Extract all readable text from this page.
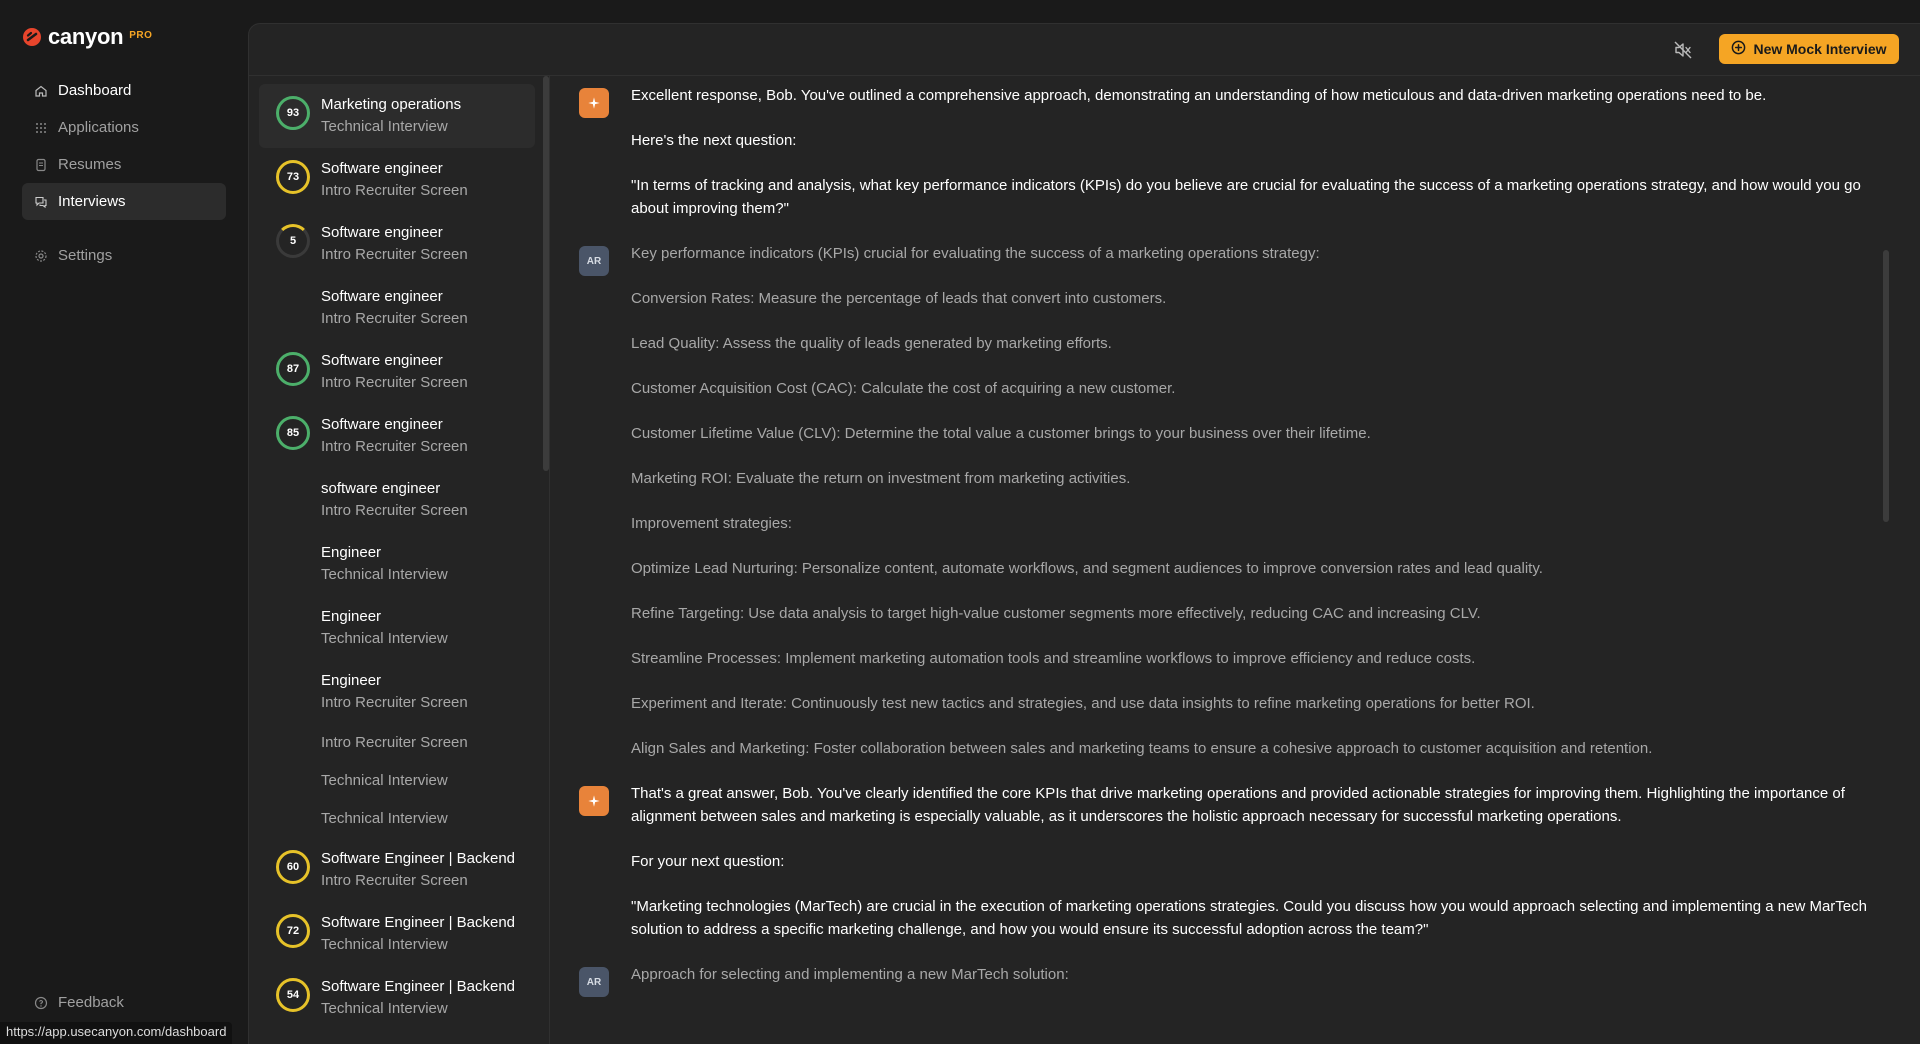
canyon PRO
Dashboard
Applications
Resumes
Interviews
Settings
Feedback
https://app.usecanyon.com/dashboard
New Mock Interview
93	Marketing operations
Technical Interview
73	Software engineer
Intro Recruiter Screen
5	Software engineer
Intro Recruiter Screen
Software engineer
Intro Recruiter Screen
87	Software engineer
Intro Recruiter Screen
85	Software engineer
Intro Recruiter Screen
software engineer
Intro Recruiter Screen
Engineer
Technical Interview
Engineer
Technical Interview
Engineer
Intro Recruiter Screen
Intro Recruiter Screen
Technical Interview
Technical Interview
60	Software Engineer | Backend
Intro Recruiter Screen
72	Software Engineer | Backend
Technical Interview
54	Software Engineer | Backend
Technical Interview
Excellent response, Bob. You've outlined a comprehensive approach, demonstrating an understanding of how meticulous and data-driven marketing operations need to be.
Here's the next question:
"In terms of tracking and analysis, what key performance indicators (KPIs) do you believe are crucial for evaluating the success of a marketing operations strategy, and how would you go about improving them?"
AR	Key performance indicators (KPIs) crucial for evaluating the success of a marketing operations strategy:
Conversion Rates: Measure the percentage of leads that convert into customers.
Lead Quality: Assess the quality of leads generated by marketing efforts.
Customer Acquisition Cost (CAC): Calculate the cost of acquiring a new customer.
Customer Lifetime Value (CLV): Determine the total value a customer brings to your business over their lifetime.
Marketing ROI: Evaluate the return on investment from marketing activities.
Improvement strategies:
Optimize Lead Nurturing: Personalize content, automate workflows, and segment audiences to improve conversion rates and lead quality.
Refine Targeting: Use data analysis to target high-value customer segments more effectively, reducing CAC and increasing CLV.
Streamline Processes: Implement marketing automation tools and streamline workflows to improve efficiency and reduce costs.
Experiment and Iterate: Continuously test new tactics and strategies, and use data insights to refine marketing operations for better ROI.
Align Sales and Marketing: Foster collaboration between sales and marketing teams to ensure a cohesive approach to customer acquisition and retention.
That's a great answer, Bob. You've clearly identified the core KPIs that drive marketing operations and provided actionable strategies for improving them. Highlighting the importance of alignment between sales and marketing is especially valuable, as it underscores the holistic approach necessary for successful marketing operations.
For your next question:
"Marketing technologies (MarTech) are crucial in the execution of marketing operations strategies. Could you discuss how you would approach selecting and implementing a new MarTech solution to address a specific marketing challenge, and how you would ensure its successful adoption across the team?"
AR	Approach for selecting and implementing a new MarTech solution:
